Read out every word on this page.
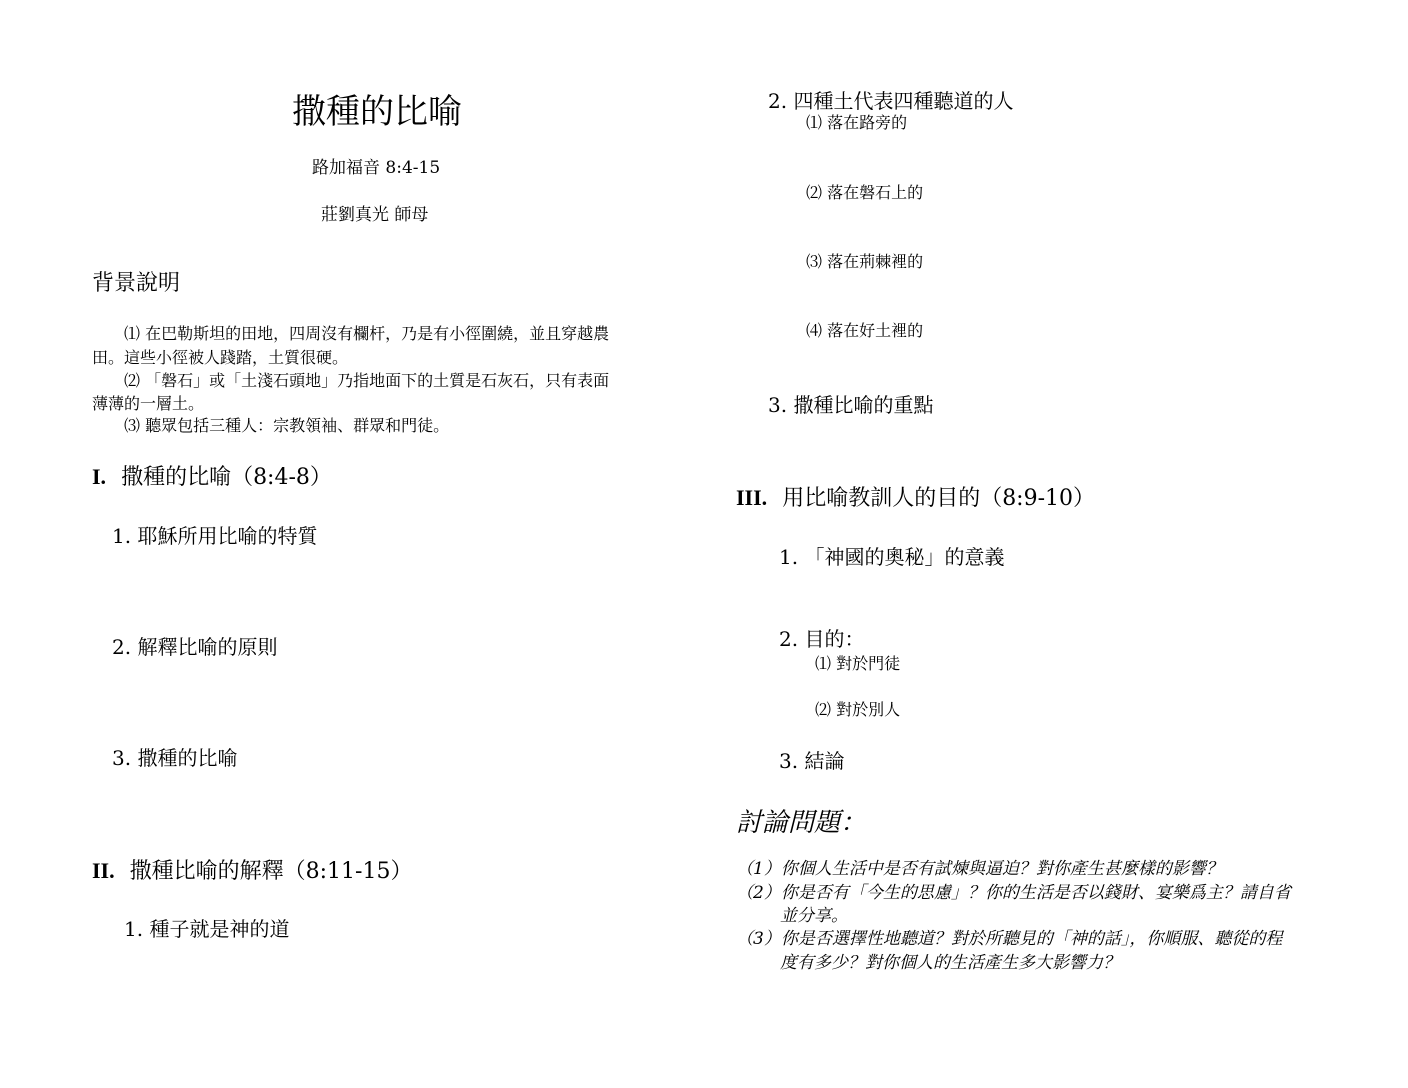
撒種的比喻
路加福音 8:4-15
莊劉真光 師母
背景說明
⑴ 在巴勒斯坦的田地，四周沒有欄杆，乃是有小徑圍繞，並且穿越農
田。這些小徑被人踐踏，土質很硬。
⑵ 「磐石」或「土淺石頭地」乃指地面下的土質是石灰石，只有表面
薄薄的一層土。
⑶ 聽眾包括三種人：宗教領袖、群眾和門徒。
I. 撒種的比喻（8:4-8）
1. 耶穌所用比喻的特質
2. 解釋比喻的原則
3. 撒種的比喻
II. 撒種比喻的解釋（8:11-15）
1. 種子就是神的道
2. 四種土代表四種聽道的人
⑴ 落在路旁的
⑵ 落在磐石上的
⑶ 落在荊棘裡的
⑷ 落在好土裡的
3. 撒種比喻的重點
III. 用比喻教訓人的目的（8:9-10）
1. 「神國的奧秘」的意義
2. 目的：
⑴ 對於門徒
⑵ 對於別人
3. 結論
討論問題：
（1）你個人生活中是否有試煉與逼迫？對你產生甚麼樣的影響？
（2）你是否有「今生的思慮」？你的生活是否以錢財、宴樂爲主？請自省
並分享。
（3）你是否選擇性地聽道？對於所聽見的「神的話」，你順服、聽從的程
度有多少？對你個人的生活產生多大影響力？
